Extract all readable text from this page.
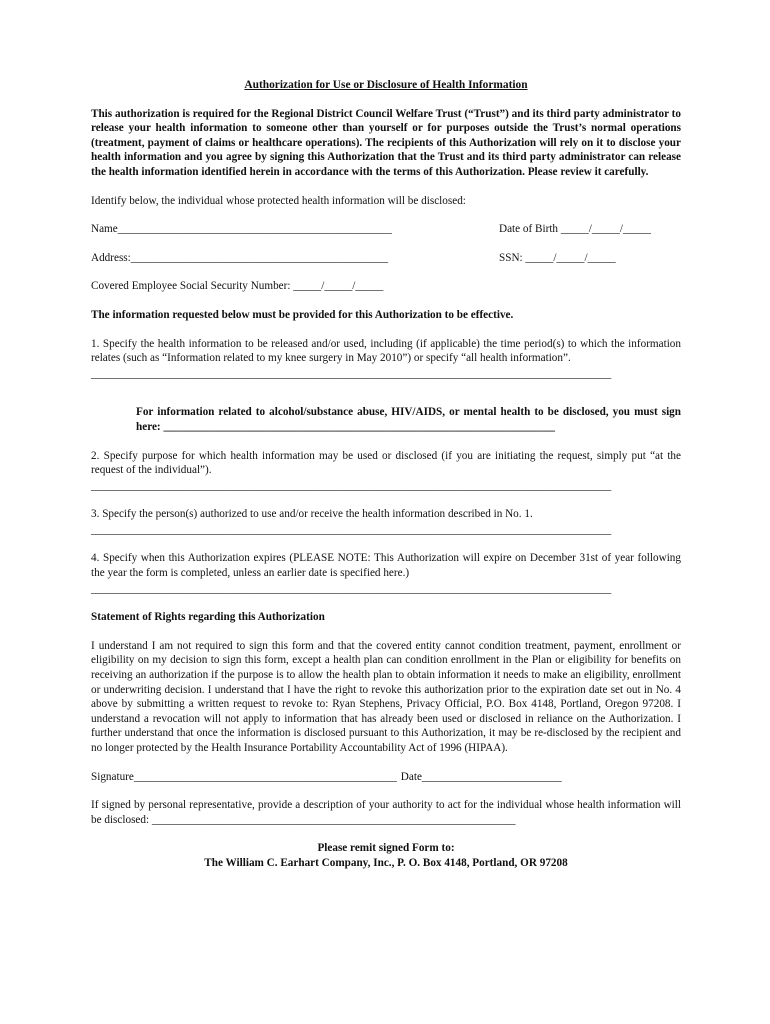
Authorization for Use or Disclosure of Health Information
This authorization is required for the Regional District Council Welfare Trust (“Trust”) and its third party administrator to release your health information to someone other than yourself or for purposes outside the Trust’s normal operations (treatment, payment of claims or healthcare operations). The recipients of this Authorization will rely on it to disclose your health information and you agree by signing this Authorization that the Trust and its third party administrator can release the health information identified herein in accordance with the terms of this Authorization. Please review it carefully.
Identify below, the individual whose protected health information will be disclosed:
Name_________________________________________________	Date of Birth _____/_____/_____
Address:______________________________________________	SSN: _____/_____/_____
Covered Employee Social Security Number: _____/_____/_____
The information requested below must be provided for this Authorization to be effective.
1. Specify the health information to be released and/or used, including (if applicable) the time period(s) to which the information relates (such as “Information related to my knee surgery in May 2010”) or specify “all health information”.
_____________________________________________________________________________________________
For information related to alcohol/substance abuse, HIV/AIDS, or mental health to be disclosed, you must sign here: ______________________________________________________________________
2. Specify purpose for which health information may be used or disclosed (if you are initiating the request, simply put “at the request of the individual”).
_____________________________________________________________________________________________
3. Specify the person(s) authorized to use and/or receive the health information described in No. 1.
_____________________________________________________________________________________________
4. Specify when this Authorization expires (PLEASE NOTE: This Authorization will expire on December 31st of year following the year the form is completed, unless an earlier date is specified here.)
_____________________________________________________________________________________________
Statement of Rights regarding this Authorization
I understand I am not required to sign this form and that the covered entity cannot condition treatment, payment, enrollment or eligibility on my decision to sign this form, except a health plan can condition enrollment in the Plan or eligibility for benefits on receiving an authorization if the purpose is to allow the health plan to obtain information it needs to make an eligibility, enrollment or underwriting decision. I understand that I have the right to revoke this authorization prior to the expiration date set out in No. 4 above by submitting a written request to revoke to: Ryan Stephens, Privacy Official, P.O. Box 4148, Portland, Oregon 97208. I understand a revocation will not apply to information that has already been used or disclosed in reliance on the Authorization. I further understand that once the information is disclosed pursuant to this Authorization, it may be re-disclosed by the recipient and no longer protected by the Health Insurance Portability Accountability Act of 1996 (HIPAA).
Signature_______________________________________________ Date_________________________
If signed by personal representative, provide a description of your authority to act for the individual whose health information will be disclosed: _________________________________________________________________
Please remit signed Form to:
The William C. Earhart Company, Inc., P. O. Box 4148, Portland, OR 97208
